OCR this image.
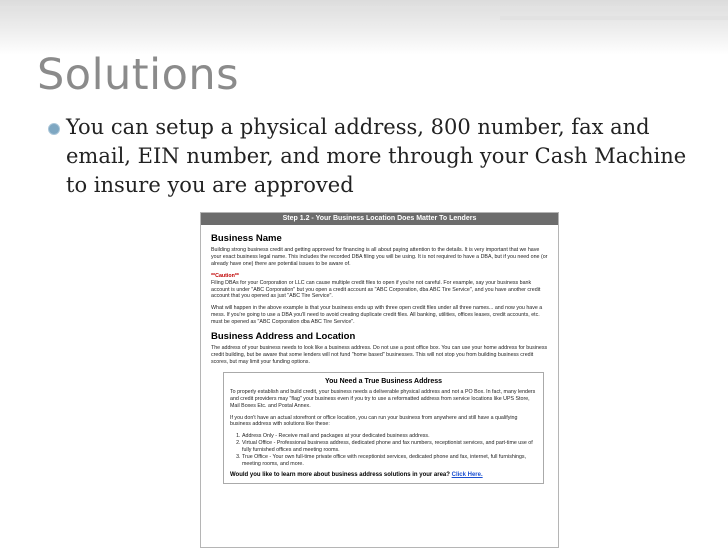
Solutions
You can setup a physical address, 800 number, fax and email, EIN number, and more through your Cash Machine to insure you are approved
Step 1.2 - Your Business Location Does Matter To Lenders
Business Name

Building strong business credit and getting approved for financing is all about paying attention to the details. It is very important that we have your exact business legal name. This includes the recorded DBA filing you will be using. It is not required to have a DBA, but if you need one (or already have one) there are potential issues to be aware of.

**Caution**

Filing DBAs for your Corporation or LLC can cause multiple credit files to open if you're not careful. For example, say your business bank account is under "ABC Corporation" but you open a credit account as "ABC Corporation, dba ABC Tire Service", and you have another credit account that you opened as just "ABC Tire Service".

What will happen in the above example is that your business ends up with three open credit files under all three names... and now you have a mess. If you're going to use a DBA you'll need to avoid creating duplicate credit files. All banking, utilities, offices leases, credit accounts, etc. must be opened as "ABC Corporation dba ABC Tire Service".

Business Address and Location

The address of your business needs to look like a business address. Do not use a post office box. You can use your home address for business credit building, but be aware that some lenders will not fund "home based" businesses. This will not stop you from building business credit scores, but may limit your funding options.

You Need a True Business Address

To properly establish and build credit, your business needs a deliverable physical address and not a PO Box. In fact, many lenders and credit providers may "flag" your business even if you try to use a reformatted address from service locations like UPS Store, Mail Boxes Etc. and Postal Annex.

If you don't have an actual storefront or office location, you can run your business from anywhere and still have a qualifying business address with solutions like these:

1. Address Only - Receive mail and packages at your dedicated business address.
2. Virtual Office - Professional business address, dedicated phone and fax numbers, receptionist services, and part-time use of fully furnished offices and meeting rooms.
3. True Office - Your own full-time private office with receptionist services, dedicated phone and fax, internet, full furnishings, meeting rooms, and more.
Would you like to learn more about business address solutions in your area? Click Here.
